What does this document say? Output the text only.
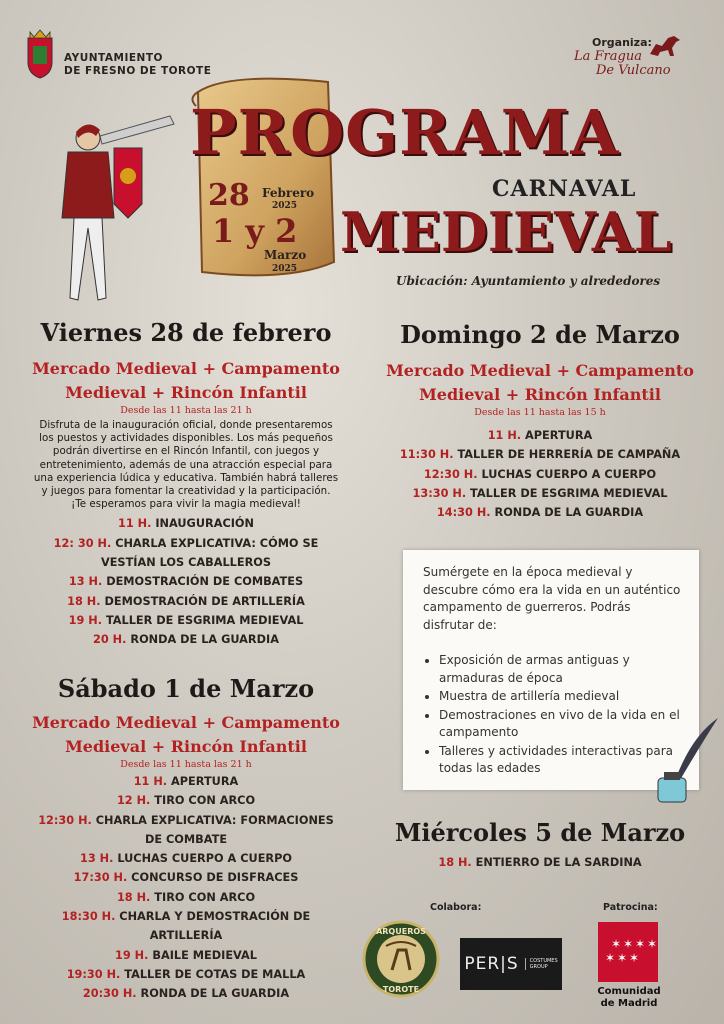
AYUNTAMIENTO
DE FRESNO DE TOROTE
Organiza:
La Fragua
De Vulcano
PROGRAMA
CARNAVAL
MEDIEVAL
28 Febrero
2025
1 y 2
Marzo
2025
Ubicación: Ayuntamiento y alrededores
Viernes 28 de febrero
Mercado Medieval + Campamento
Medieval + Rincón Infantil
Desde las 11 hasta las 21 h
Disfruta de la inauguración oficial, donde presentaremos
los puestos y actividades disponibles. Los más pequeños
podrán divertirse en el Rincón Infantil, con juegos y
entretenimiento, además de una atracción especial para
una experiencia lúdica y educativa. También habrá talleres
y juegos para fomentar la creatividad y la participación.
¡Te esperamos para vivir la magia medieval!
11 H. INAUGURACIÓN
12: 30 H. CHARLA EXPLICATIVA: CÓMO SE
VESTÍAN LOS CABALLEROS
13 H. DEMOSTRACIÓN DE COMBATES
18 H. DEMOSTRACIÓN DE ARTILLERÍA
19 H. TALLER DE ESGRIMA MEDIEVAL
20 H. RONDA DE LA GUARDIA
Sábado 1 de Marzo
Mercado Medieval + Campamento
Medieval + Rincón Infantil
Desde las 11 hasta las 21 h
11 H. APERTURA
12 H. TIRO CON ARCO
12:30 H. CHARLA EXPLICATIVA: FORMACIONES
DE COMBATE
13 H. LUCHAS CUERPO A CUERPO
17:30 H. CONCURSO DE DISFRACES
18 H. TIRO CON ARCO
18:30 H. CHARLA Y DEMOSTRACIÓN DE
ARTILLERÍA
19 H. BAILE MEDIEVAL
19:30 H. TALLER DE COTAS DE MALLA
20:30 H. RONDA DE LA GUARDIA
Domingo 2 de Marzo
Mercado Medieval + Campamento
Medieval + Rincón Infantil
Desde las 11 hasta las 15 h
11 H. APERTURA
11:30 H. TALLER DE HERRERÍA DE CAMPAÑA
12:30 H. LUCHAS CUERPO A CUERPO
13:30 H. TALLER DE ESGRIMA MEDIEVAL
14:30 H. RONDA DE LA GUARDIA

Sumérgete en la época medieval y descubre cómo era la vida en un auténtico campamento de guerreros. Podrás disfrutar de:

• Exposición de armas antiguas y armaduras de época
• Muestra de artillería medieval
• Demostraciones en vivo de la vida en el campamento
• Talleres y actividades interactivas para todas las edades
Miércoles 5 de Marzo
18 H. ENTIERRO DE LA SARDINA
Colabora:	Patrocina:
ARQUEROS
TOROTE
PER|S	COSTUMES
GROUP
✶ ✶ ✶ ✶
✶ ✶ ✶
Comunidad
de Madrid
